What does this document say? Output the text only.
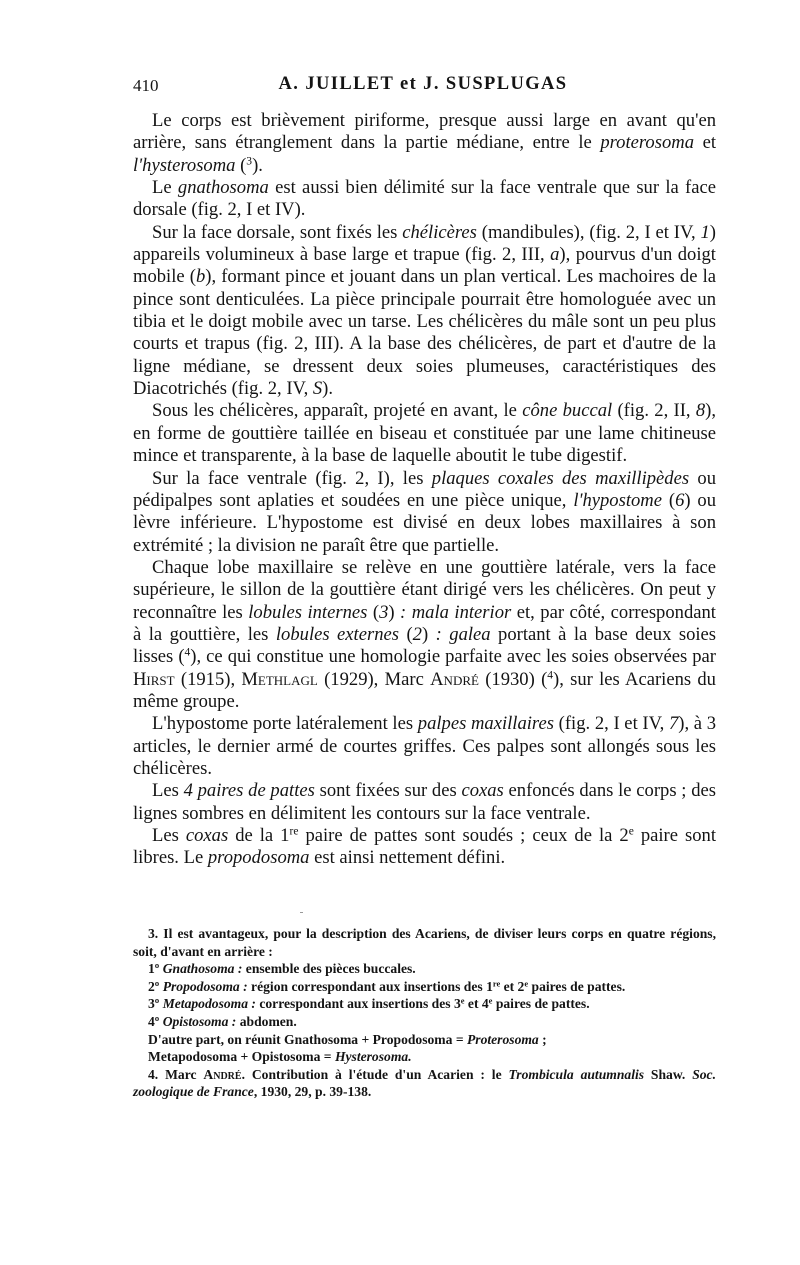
410	A. JUILLET et J. SUSPLUGAS

Le corps est brièvement piriforme, presque aussi large en avant qu'en arrière, sans étranglement dans la partie médiane, entre le proterosoma et l'hysterosoma ($^3$).

Le gnathosoma est aussi bien délimité sur la face ventrale que sur la face dorsale (fig. 2, I et IV).

Sur la face dorsale, sont fixés les chélicères (mandibules), (fig. 2, I et IV, 1) appareils volumineux à base large et trapue (fig. 2, III, a), pourvus d'un doigt mobile (b), formant pince et jouant dans un plan vertical. Les machoires de la pince sont denticulées. La pièce principale pourrait être homologuée avec un tibia et le doigt mobile avec un tarse. Les chélicères du mâle sont un peu plus courts et trapus (fig. 2, III). A la base des chélicères, de part et d'autre de la ligne médiane, se dressent deux soies plumeuses, caractéristiques des Diacotrichés (fig. 2, IV, S).

Sous les chélicères, apparaît, projeté en avant, le cône buccal (fig. 2, II, 8), en forme de gouttière taillée en biseau et constituée par une lame chitineuse mince et transparente, à la base de laquelle aboutit le tube digestif.

Sur la face ventrale (fig. 2, I), les plaques coxales des maxillipèdes ou pédipalpes sont aplaties et soudées en une pièce unique, l'hypostome (6) ou lèvre inférieure. L'hypostome est divisé en deux lobes maxillaires à son extrémité ; la division ne paraît être que partielle.

Chaque lobe maxillaire se relève en une gouttière latérale, vers la face supérieure, le sillon de la gouttière étant dirigé vers les chélicères. On peut y reconnaître les lobules internes (3) : mala interior et, par côté, correspondant à la gouttière, les lobules externes (2) : galea portant à la base deux soies lisses ($^4$), ce qui constitue une homologie parfaite avec les soies observées par Hirst (1915), Methlagl (1929), Marc André (1930) ($^4$), sur les Acariens du même groupe.

L'hypostome porte latéralement les palpes maxillaires (fig. 2, I et IV, 7), à 3 articles, le dernier armé de courtes griffes. Ces palpes sont allongés sous les chélicères.

Les 4 paires de pattes sont fixées sur des coxas enfoncés dans le corps ; des lignes sombres en délimitent les contours sur la face ventrale.

Les coxas de la 1re paire de pattes sont soudés ; ceux de la 2e paire sont libres. Le propodosoma est ainsi nettement défini.

3. Il est avantageux, pour la description des Acariens, de diviser leurs corps en quatre régions, soit, d'avant en arrière :

1º Gnathosoma : ensemble des pièces buccales.

2º Propodosoma : région correspondant aux insertions des 1re et 2e paires de pattes.

3º Metapodosoma : correspondant aux insertions des 3e et 4e paires de pattes.

4º Opistosoma : abdomen.

D'autre part, on réunit Gnathosoma + Propodosoma = Proterosoma ;

Metapodosoma + Opistosoma = Hysterosoma.

4. Marc André. Contribution à l'étude d'un Acarien : le Trombicula autumnalis Shaw. Soc. zoologique de France, 1930, 29, p. 39-138.
